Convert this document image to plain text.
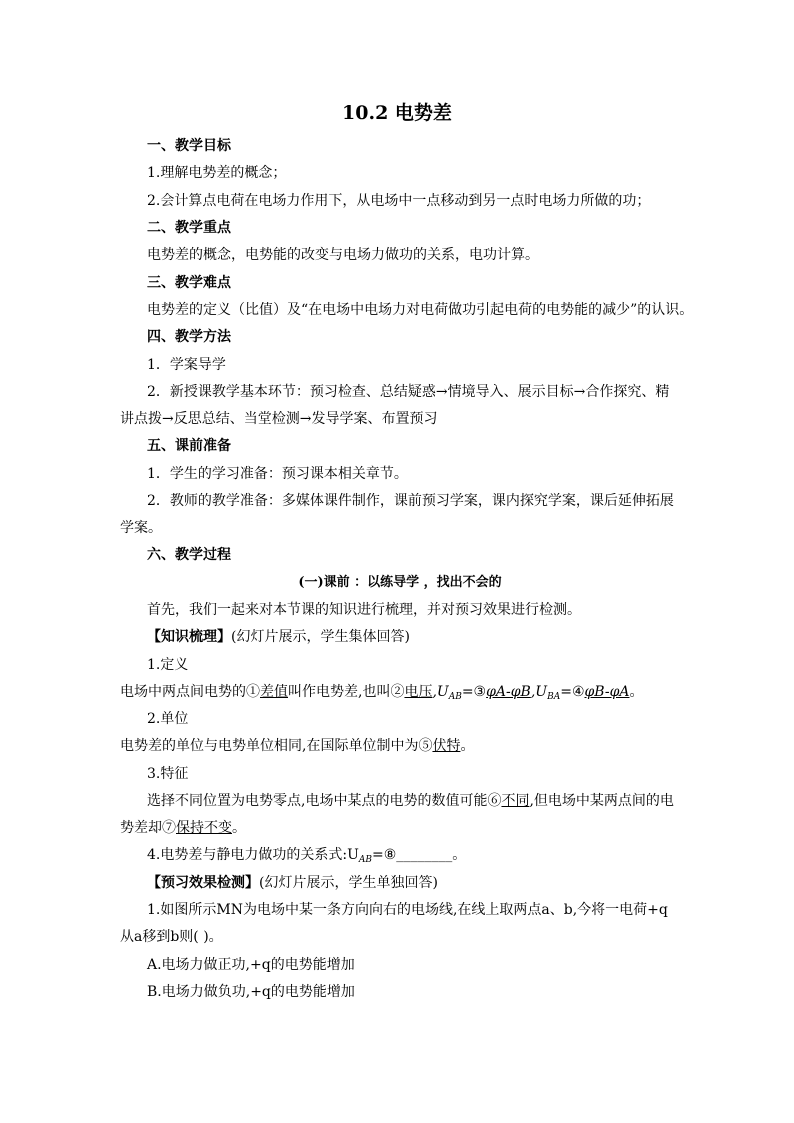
10.2 电势差
一、教学目标
1.理解电势差的概念；
2.会计算点电荷在电场力作用下，从电场中一点移动到另一点时电场力所做的功；
二、教学重点
电势差的概念，电势能的改变与电场力做功的关系，电功计算。
三、教学难点
电势差的定义（比值）及“在电场中电场力对电荷做功引起电荷的电势能的减少”的认识。
四、教学方法
1．学案导学
2．新授课教学基本环节：预习检查、总结疑惑→情境导入、展示目标→合作探究、精
讲点拨→反思总结、当堂检测→发导学案、布置预习
五、课前准备
1．学生的学习准备：预习课本相关章节。
2．教师的教学准备：多媒体课件制作，课前预习学案，课内探究学案，课后延伸拓展
学案。
六、教学过程
(一)课前 ：以练导学 ，找出不会的
首先，我们一起来对本节课的知识进行梳理，并对预习效果进行检测。
【知识梳理】(幻灯片展示，学生集体回答)
1.定义
电场中两点间电势的①差值叫作电势差,也叫②电压$,U_{AB}=③\varphi A-\varphi B,U_{BA}=④\varphi B-\varphi A$。
2.单位
电势差的单位与电势单位相同,在国际单位制中为⑤伏特。
3.特征
选择不同位置为电势零点,电场中某点的电势的数值可能⑥不同,但电场中某两点间的电
势差却⑦保持不变。
4.电势差与静电力做功的关系式$:U_{AB}=⑧\_\_\_\_\_\_\_\_$。
【预习效果检测】(幻灯片展示，学生单独回答)
1.如图所示MN为电场中某一条方向向右的电场线,在线上取两点a、b,今将一电荷+q
从a移到b则( )。
A.电场力做正功,+q的电势能增加
B.电场力做负功,+q的电势能增加
